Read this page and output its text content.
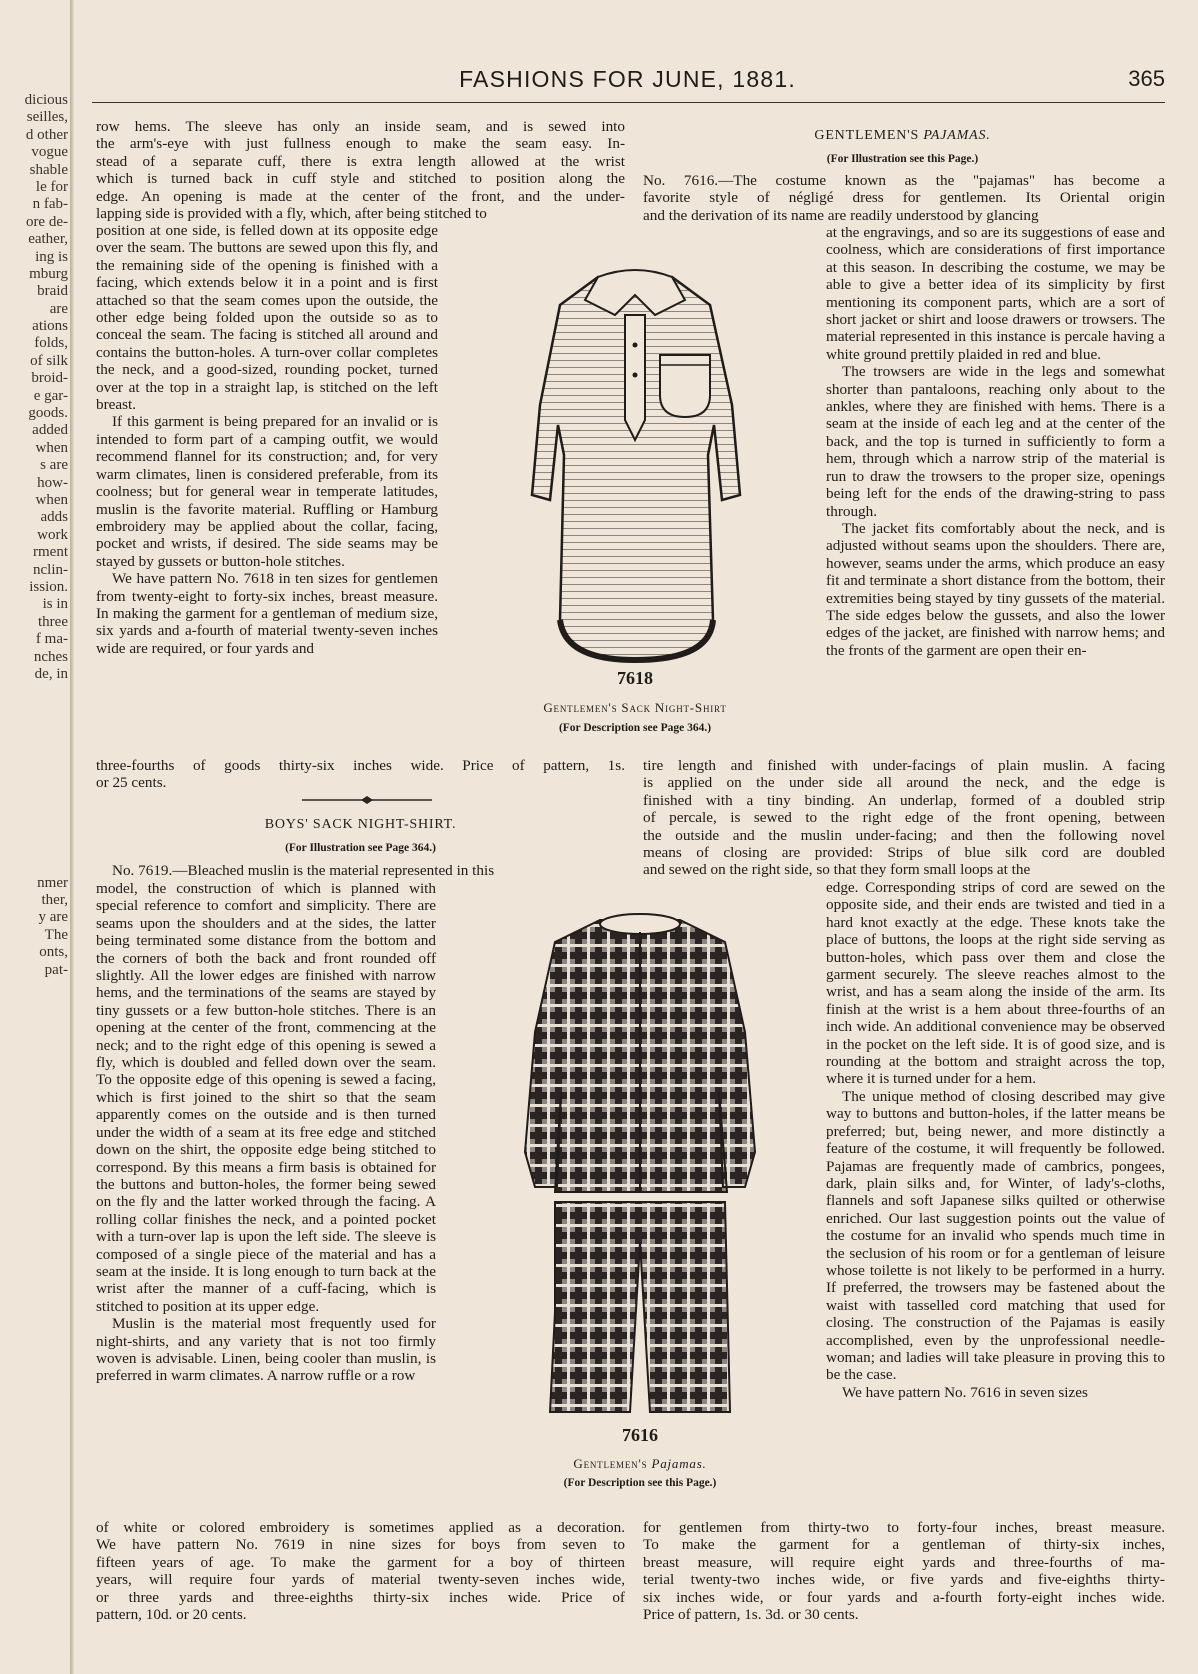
dicious
seilles,
d other
vogue
shable
le for
n fab-
ore de-
eather,
ing is
mburg
braid
are
ations
folds,
of silk
broid-
e gar-
goods.
added
when
s are
how-
when
adds
work
rment
nclin-
ission.
is in
three
f ma-
nches
de, in
nmer
ther,
y are
The
onts,
pat-
FASHIONS FOR JUNE, 1881.	365
row hems. The sleeve has only an inside seam, and is sewed into
the arm's-eye with just fullness enough to make the seam easy. In-
stead of a separate cuff, there is extra length allowed at the wrist
which is turned back in cuff style and stitched to position along the
edge. An opening is made at the center of the front, and the under-
lapping side is provided with a fly, which, after being stitched to

position at one side, is felled down at its opposite edge over the seam. The buttons are sewed upon this fly, and the remaining side of the opening is finished with a facing, which extends below it in a point and is first attached so that the seam comes upon the outside, the other edge being folded upon the outside so as to conceal the seam. The facing is stitched all around and contains the button-holes. A turn-over collar completes the neck, and a good-sized, rounding pocket, turned over at the top in a straight lap, is stitched on the left breast.

If this garment is being prepared for an invalid or is intended to form part of a camping outfit, we would recommend flannel for its construction; and, for very warm climates, linen is considered preferable, from its coolness; but for general wear in temperate latitudes, muslin is the favorite material. Ruffling or Hamburg embroidery may be applied about the collar, facing, pocket and wrists, if desired. The side seams may be stayed by gussets or button-hole stitches.

We have pattern No. 7618 in ten sizes for gentlemen from twenty-eight to forty-six inches, breast measure. In making the garment for a gentleman of medium size, six yards and a-fourth of material twenty-seven inches wide are required, or four yards and

three-fourths of goods thirty-six inches wide. Price of pattern, 1s.
or 25 cents.
BOYS' SACK NIGHT-SHIRT.
(For Illustration see Page 364.)

No. 7619.—Bleached muslin is the material represented in this

model, the construction of which is planned with special reference to comfort and simplicity. There are seams upon the shoulders and at the sides, the latter being terminated some distance from the bottom and the corners of both the back and front rounded off slightly. All the lower edges are finished with narrow hems, and the terminations of the seams are stayed by tiny gussets or a few button-hole stitches. There is an opening at the center of the front, commencing at the neck; and to the right edge of this opening is sewed a fly, which is doubled and felled down over the seam. To the opposite edge of this opening is sewed a facing, which is first joined to the shirt so that the seam apparently comes on the outside and is then turned under the width of a seam at its free edge and stitched down on the shirt, the opposite edge being stitched to correspond. By this means a firm basis is obtained for the buttons and button-holes, the former being sewed on the fly and the latter worked through the facing. A rolling collar finishes the neck, and a pointed pocket with a turn-over lap is upon the left side. The sleeve is composed of a single piece of the material and has a seam at the inside. It is long enough to turn back at the wrist after the manner of a cuff-facing, which is stitched to position at its upper edge.

Muslin is the material most frequently used for night-shirts, and any variety that is not too firmly woven is advisable. Linen, being cooler than muslin, is preferred in warm climates. A narrow ruffle or a row

of white or colored embroidery is sometimes applied as a decoration.
We have pattern No. 7619 in nine sizes for boys from seven to
fifteen years of age. To make the garment for a boy of thirteen
years, will require four yards of material twenty-seven inches wide,
or three yards and three-eighths thirty-six inches wide. Price of
pattern, 10d. or 20 cents.
GENTLEMEN'S PAJAMAS.
(For Illustration see this Page.)
No. 7616.—The costume known as the "pajamas" has become a
favorite style of négligé dress for gentlemen. Its Oriental origin
and the derivation of its name are readily understood by glancing

at the engravings, and so are its suggestions of ease and coolness, which are considerations of first importance at this season. In describing the costume, we may be able to give a better idea of its simplicity by first mentioning its component parts, which are a sort of short jacket or shirt and loose drawers or trowsers. The material represented in this instance is percale having a white ground prettily plaided in red and blue.

The trowsers are wide in the legs and somewhat shorter than pantaloons, reaching only about to the ankles, where they are finished with hems. There is a seam at the inside of each leg and at the center of the back, and the top is turned in sufficiently to form a hem, through which a narrow strip of the material is run to draw the trowsers to the proper size, openings being left for the ends of the drawing-string to pass through.

The jacket fits comfortably about the neck, and is adjusted without seams upon the shoulders. There are, however, seams under the arms, which produce an easy fit and terminate a short distance from the bottom, their extremities being stayed by tiny gussets of the material. The side edges below the gussets, and also the lower edges of the jacket, are finished with narrow hems; and the fronts of the garment are open their en-

tire length and finished with under-facings of plain muslin. A facing
is applied on the under side all around the neck, and the edge is
finished with a tiny binding. An underlap, formed of a doubled strip
of percale, is sewed to the right edge of the front opening, between
the outside and the muslin under-facing; and then the following novel
means of closing are provided: Strips of blue silk cord are doubled
and sewed on the right side, so that they form small loops at the

edge. Corresponding strips of cord are sewed on the opposite side, and their ends are twisted and tied in a hard knot exactly at the edge. These knots take the place of buttons, the loops at the right side serving as button-holes, which pass over them and close the garment securely. The sleeve reaches almost to the wrist, and has a seam along the inside of the arm. Its finish at the wrist is a hem about three-fourths of an inch wide. An additional convenience may be observed in the pocket on the left side. It is of good size, and is rounding at the bottom and straight across the top, where it is turned under for a hem.

The unique method of closing described may give way to buttons and button-holes, if the latter means be preferred; but, being newer, and more distinctly a feature of the costume, it will frequently be followed. Pajamas are frequently made of cambrics, pongees, dark, plain silks and, for Winter, of lady's-cloths, flannels and soft Japanese silks quilted or otherwise enriched. Our last suggestion points out the value of the costume for an invalid who spends much time in the seclusion of his room or for a gentleman of leisure whose toilette is not likely to be performed in a hurry. If preferred, the trowsers may be fastened about the waist with tasselled cord matching that used for closing. The construction of the Pajamas is easily accomplished, even by the unprofessional needle-woman; and ladies will take pleasure in proving this to be the case.

We have pattern No. 7616 in seven sizes

for gentlemen from thirty-two to forty-four inches, breast measure.
To make the garment for a gentleman of thirty-six inches,
breast measure, will require eight yards and three-fourths of ma-
terial twenty-two inches wide, or five yards and five-eighths thirty-
six inches wide, or four yards and a-fourth forty-eight inches wide.
Price of pattern, 1s. 3d. or 30 cents.
7618
Gentlemen's Sack Night-Shirt
(For Description see Page 364.)
7616
Gentlemen's Pajamas.
(For Description see this Page.)
